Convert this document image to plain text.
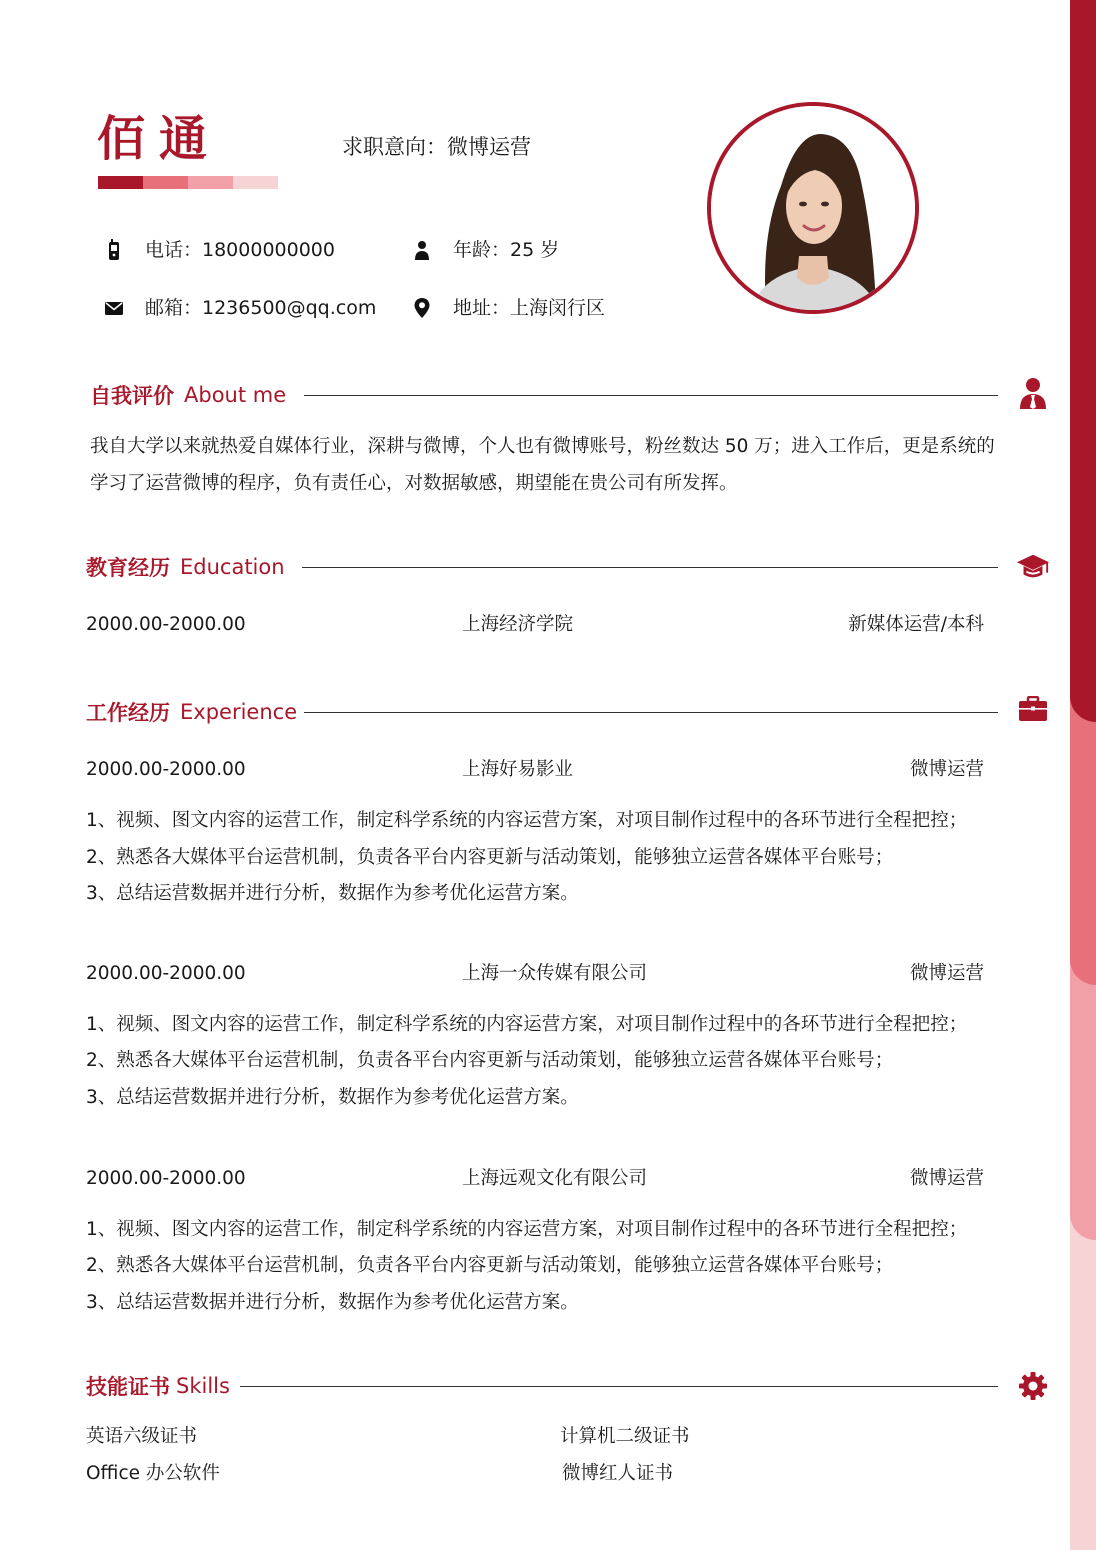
佰通	求职意向：微博运营
电话：18000000000	年龄：25 岁
邮箱：1236500@qq.com	地址：上海闵行区
自我评价 About me

我自大学以来就热爱自媒体行业，深耕与微博，个人也有微博账号，粉丝数达 50 万；进入工作后，更是系统的学习了运营微博的程序，负有责任心，对数据敏感，期望能在贵公司有所发挥。

教育经历 Education
2000.00-2000.00	上海经济学院	新媒体运营/本科
工作经历 Experience
2000.00-2000.00	上海好易影业	微博运营
1、视频、图文内容的运营工作，制定科学系统的内容运营方案，对项目制作过程中的各环节进行全程把控；
2、熟悉各大媒体平台运营机制，负责各平台内容更新与活动策划，能够独立运营各媒体平台账号；
3、总结运营数据并进行分析，数据作为参考优化运营方案。
2000.00-2000.00	上海一众传媒有限公司	微博运营
1、视频、图文内容的运营工作，制定科学系统的内容运营方案，对项目制作过程中的各环节进行全程把控；
2、熟悉各大媒体平台运营机制，负责各平台内容更新与活动策划，能够独立运营各媒体平台账号；
3、总结运营数据并进行分析，数据作为参考优化运营方案。
2000.00-2000.00	上海远观文化有限公司	微博运营
1、视频、图文内容的运营工作，制定科学系统的内容运营方案，对项目制作过程中的各环节进行全程把控；
2、熟悉各大媒体平台运营机制，负责各平台内容更新与活动策划，能够独立运营各媒体平台账号；
3、总结运营数据并进行分析，数据作为参考优化运营方案。
技能证书 Skills
英语六级证书	计算机二级证书
Office 办公软件	微博红人证书
